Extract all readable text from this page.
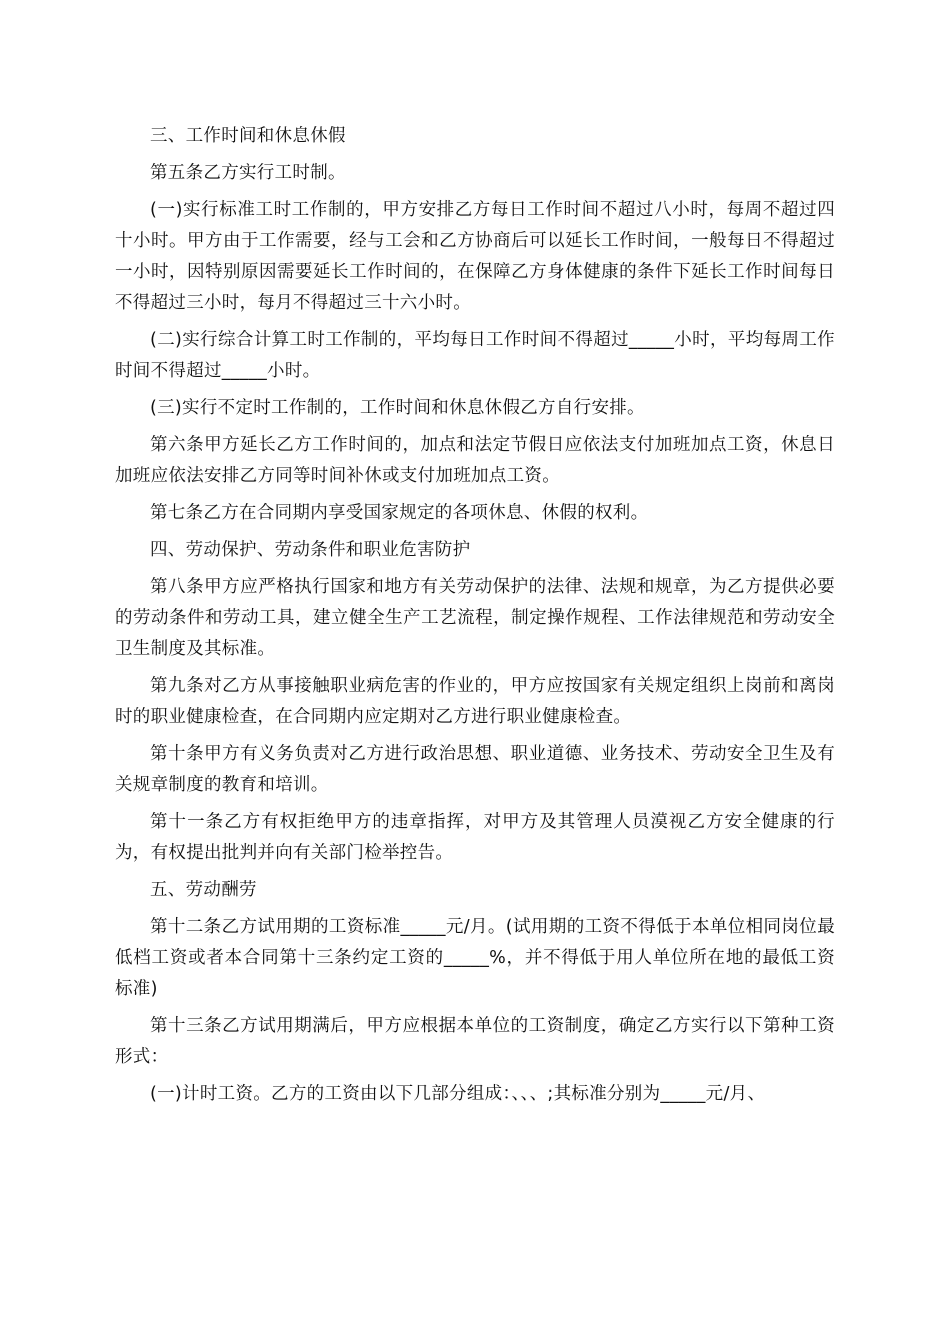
三、工作时间和休息休假

第五条乙方实行工时制。

(一)实行标准工时工作制的，甲方安排乙方每日工作时间不超过八小时，每周不超过四十小时。甲方由于工作需要，经与工会和乙方协商后可以延长工作时间，一般每日不得超过一小时，因特别原因需要延长工作时间的，在保障乙方身体健康的条件下延长工作时间每日不得超过三小时，每月不得超过三十六小时。

(二)实行综合计算工时工作制的，平均每日工作时间不得超过_____小时，平均每周工作时间不得超过_____小时。

(三)实行不定时工作制的，工作时间和休息休假乙方自行安排。

第六条甲方延长乙方工作时间的，加点和法定节假日应依法支付加班加点工资，休息日加班应依法安排乙方同等时间补休或支付加班加点工资。

第七条乙方在合同期内享受国家规定的各项休息、休假的权利。

四、劳动保护、劳动条件和职业危害防护

第八条甲方应严格执行国家和地方有关劳动保护的法律、法规和规章，为乙方提供必要的劳动条件和劳动工具，建立健全生产工艺流程，制定操作规程、工作法律规范和劳动安全卫生制度及其标准。

第九条对乙方从事接触职业病危害的作业的，甲方应按国家有关规定组织上岗前和离岗时的职业健康检查，在合同期内应定期对乙方进行职业健康检查。

第十条甲方有义务负责对乙方进行政治思想、职业道德、业务技术、劳动安全卫生及有关规章制度的教育和培训。

第十一条乙方有权拒绝甲方的违章指挥，对甲方及其管理人员漠视乙方安全健康的行为，有权提出批判并向有关部门检举控告。

五、劳动酬劳

第十二条乙方试用期的工资标准_____元/月。(试用期的工资不得低于本单位相同岗位最低档工资或者本合同第十三条约定工资的_____%，并不得低于用人单位所在地的最低工资标准)

第十三条乙方试用期满后，甲方应根据本单位的工资制度，确定乙方实行以下第种工资形式：

(一)计时工资。乙方的工资由以下几部分组成：、、、;其标准分别为_____元/月、
